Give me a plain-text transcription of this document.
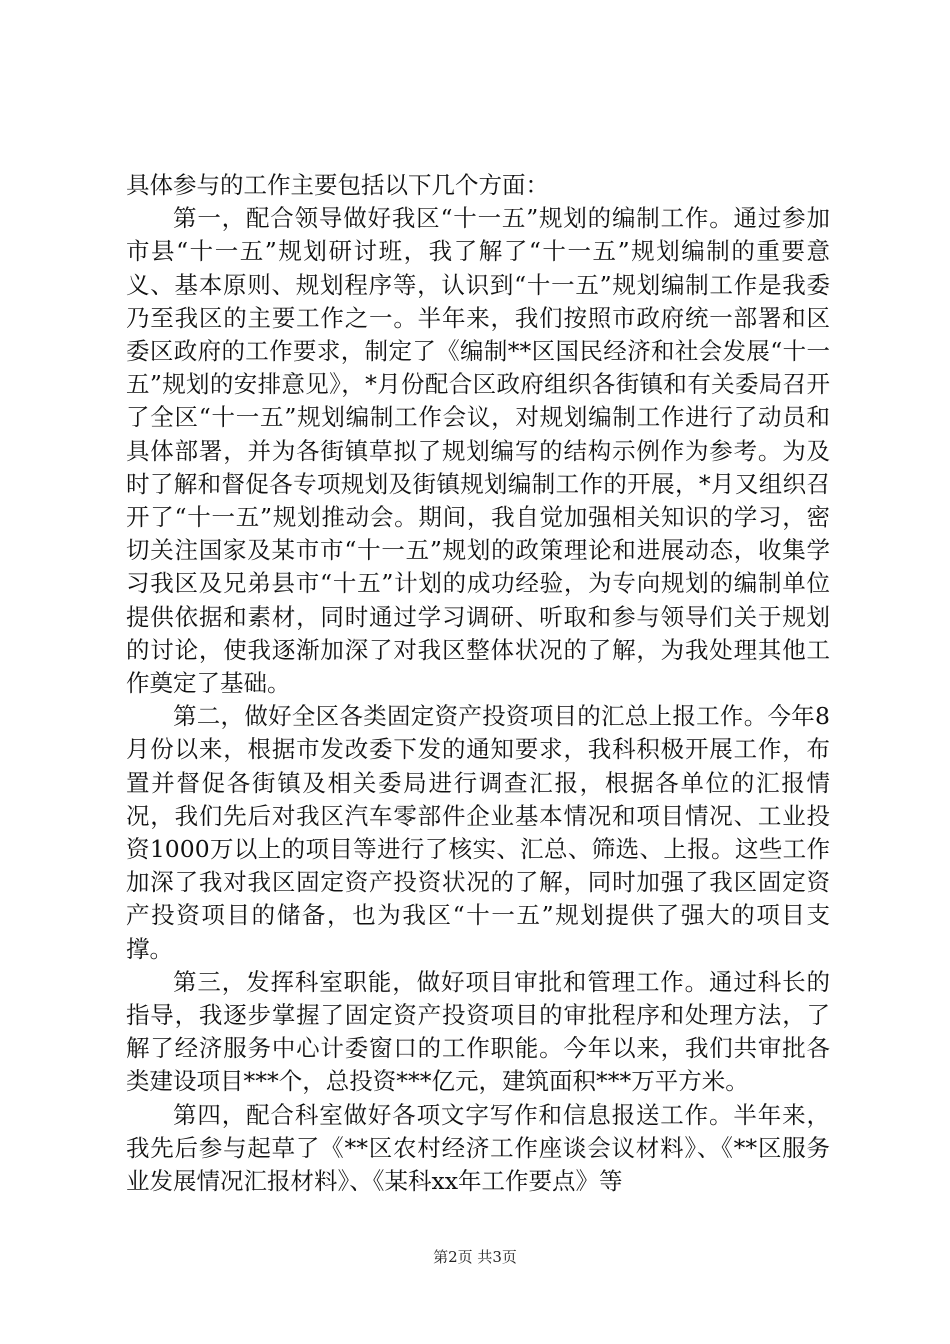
具体参与的工作主要包括以下几个方面：

第一，配合领导做好我区“十一五”规划的编制工作。通过参加市县“十一五”规划研讨班，我了解了“十一五”规划编制的重要意义、基本原则、规划程序等，认识到“十一五”规划编制工作是我委乃至我区的主要工作之一。半年来，我们按照市政府统一部署和区委区政府的工作要求，制定了《编制**区国民经济和社会发展“十一五”规划的安排意见》，*月份配合区政府组织各街镇和有关委局召开了全区“十一五”规划编制工作会议，对规划编制工作进行了动员和具体部署，并为各街镇草拟了规划编写的结构示例作为参考。为及时了解和督促各专项规划及街镇规划编制工作的开展，*月又组织召开了“十一五”规划推动会。期间，我自觉加强相关知识的学习，密切关注国家及某市市“十一五”规划的政策理论和进展动态，收集学习我区及兄弟县市“十五”计划的成功经验，为专向规划的编制单位提供依据和素材，同时通过学习调研、听取和参与领导们关于规划的讨论，使我逐渐加深了对我区整体状况的了解，为我处理其他工作奠定了基础。

第二，做好全区各类固定资产投资项目的汇总上报工作。今年8月份以来，根据市发改委下发的通知要求，我科积极开展工作，布置并督促各街镇及相关委局进行调查汇报，根据各单位的汇报情况，我们先后对我区汽车零部件企业基本情况和项目情况、工业投资1000万以上的项目等进行了核实、汇总、筛选、上报。这些工作加深了我对我区固定资产投资状况的了解，同时加强了我区固定资产投资项目的储备，也为我区“十一五”规划提供了强大的项目支撑。

第三，发挥科室职能，做好项目审批和管理工作。通过科长的指导，我逐步掌握了固定资产投资项目的审批程序和处理方法，了解了经济服务中心计委窗口的工作职能。今年以来，我们共审批各类建设项目***个，总投资***亿元，建筑面积***万平方米。

第四，配合科室做好各项文字写作和信息报送工作。半年来，我先后参与起草了《**区农村经济工作座谈会议材料》、《**区服务业发展情况汇报材料》、《某科xx年工作要点》等

第2页 共3页
